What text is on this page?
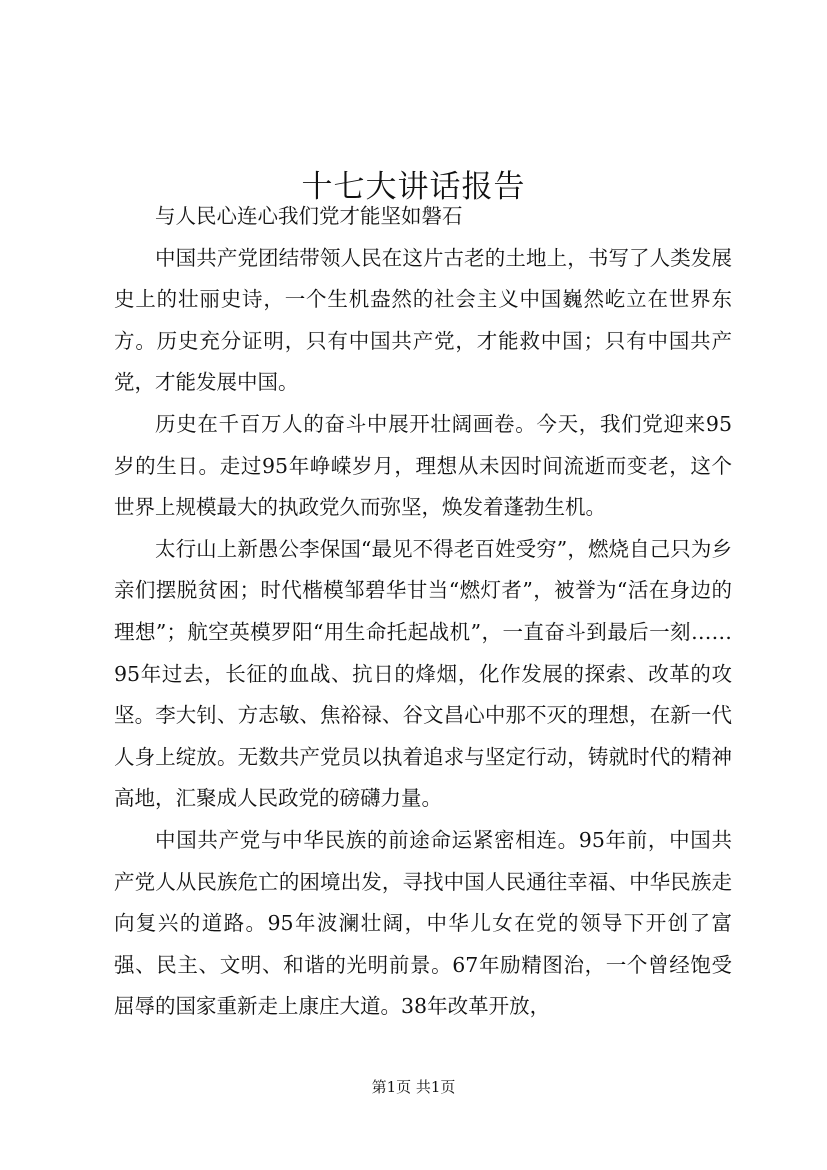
十七大讲话报告

与人民心连心我们党才能坚如磐石

中国共产党团结带领人民在这片古老的土地上，书写了人类发展史上的壮丽史诗，一个生机盎然的社会主义中国巍然屹立在世界东方。历史充分证明，只有中国共产党，才能救中国；只有中国共产党，才能发展中国。

历史在千百万人的奋斗中展开壮阔画卷。今天，我们党迎来95岁的生日。走过95年峥嵘岁月，理想从未因时间流逝而变老，这个世界上规模最大的执政党久而弥坚，焕发着蓬勃生机。

太行山上新愚公李保国“最见不得老百姓受穷”，燃烧自己只为乡亲们摆脱贫困；时代楷模邹碧华甘当“燃灯者”，被誉为“活在身边的理想”；航空英模罗阳“用生命托起战机”，一直奋斗到最后一刻……95年过去，长征的血战、抗日的烽烟，化作发展的探索、改革的攻坚。李大钊、方志敏、焦裕禄、谷文昌心中那不灭的理想，在新一代人身上绽放。无数共产党员以执着追求与坚定行动，铸就时代的精神高地，汇聚成人民政党的磅礴力量。

中国共产党与中华民族的前途命运紧密相连。95年前，中国共产党人从民族危亡的困境出发，寻找中国人民通往幸福、中华民族走向复兴的道路。95年波澜壮阔，中华儿女在党的领导下开创了富强、民主、文明、和谐的光明前景。67年励精图治，一个曾经饱受屈辱的国家重新走上康庄大道。38年改革开放，

第1页 共1页
